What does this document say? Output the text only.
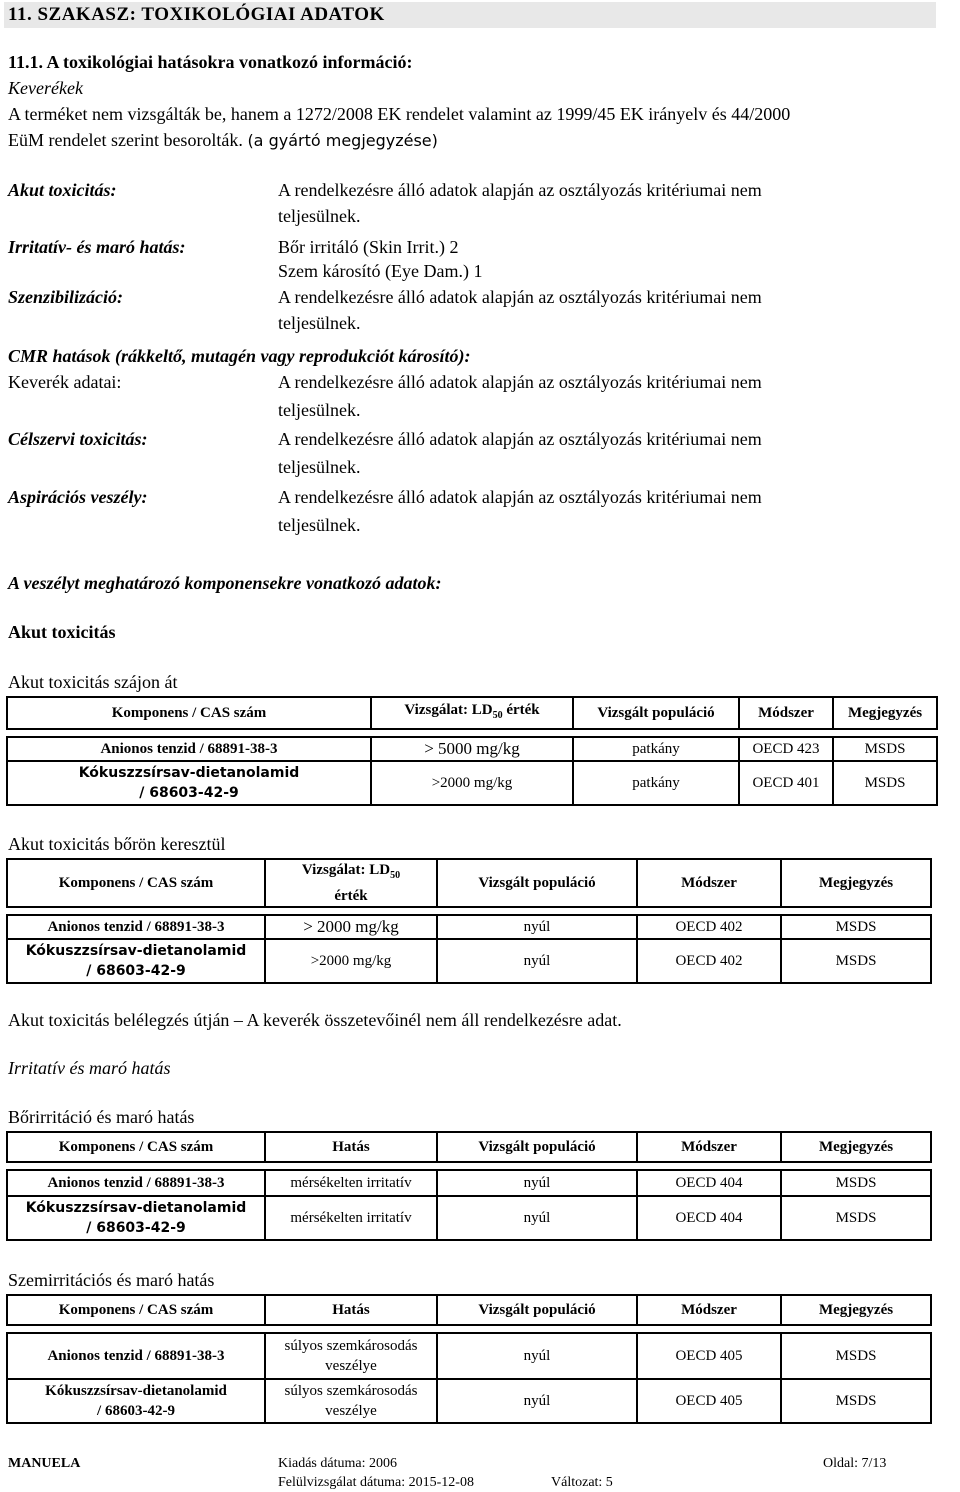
11. SZAKASZ: TOXIKOLÓGIAI ADATOK
11.1. A toxikológiai hatásokra vonatkozó információ:
Keverékek
A terméket nem vizsgálták be, hanem a 1272/2008 EK rendelet valamint az 1999/45 EK irányelv és 44/2000
EüM rendelet szerint besorolták. (a gyártó megjegyzése)
Akut toxicitás:	A rendelkezésre álló adatok alapján az osztályozás kritériumai nem
teljesülnek.
Irritatív- és maró hatás:	Bőr irritáló (Skin Irrit.) 2
Szem károsító (Eye Dam.) 1
Szenzibilizáció:	A rendelkezésre álló adatok alapján az osztályozás kritériumai nem
teljesülnek.
CMR hatások (rákkeltő, mutagén vagy reprodukciót károsító):
Keverék adatai:	A rendelkezésre álló adatok alapján az osztályozás kritériumai nem
teljesülnek.
Célszervi toxicitás:	A rendelkezésre álló adatok alapján az osztályozás kritériumai nem
teljesülnek.
Aspirációs veszély:	A rendelkezésre álló adatok alapján az osztályozás kritériumai nem
teljesülnek.
A veszélyt meghatározó komponensekre vonatkozó adatok:
Akut toxicitás
Akut toxicitás szájon át
Komponens / CAS szám	Vizsgálat: $LD_{50}$ érték	Vizsgált populáció	Módszer	Megjegyzés

Anionos tenzid / 68891-38-3	> 5000 mg/kg	patkány	OECD 423	MSDS
Kókuszzsírsav-dietanolamid
/ 68603-42-9	>2000 mg/kg	patkány	OECD 401	MSDS
Akut toxicitás bőrön keresztül
Komponens / CAS szám	Vizsgálat: $LD_{50}$
érték	Vizsgált populáció	Módszer	Megjegyzés

Anionos tenzid / 68891-38-3	> 2000 mg/kg	nyúl	OECD 402	MSDS
Kókuszzsírsav-dietanolamid
/ 68603-42-9	>2000 mg/kg	nyúl	OECD 402	MSDS
Akut toxicitás belélegzés útján – A keverék összetevőinél nem áll rendelkezésre adat.
Irritatív és maró hatás
Bőrirritáció és maró hatás
Komponens / CAS szám	Hatás	Vizsgált populáció	Módszer	Megjegyzés

Anionos tenzid / 68891-38-3	mérsékelten irritatív	nyúl	OECD 404	MSDS
Kókuszzsírsav-dietanolamid
/ 68603-42-9	mérsékelten irritatív	nyúl	OECD 404	MSDS
Szemirritációs és maró hatás
Komponens / CAS szám	Hatás	Vizsgált populáció	Módszer	Megjegyzés

Anionos tenzid / 68891-38-3	súlyos szemkárosodás
veszélye	nyúl	OECD 405	MSDS
Kókuszzsírsav-dietanolamid
/ 68603-42-9	súlyos szemkárosodás
veszélye	nyúl	OECD 405	MSDS
MANUELA	Kiadás dátuma: 2006	Oldal: 7/13
Felülvizsgálat dátuma: 2015-12-08	Változat: 5
